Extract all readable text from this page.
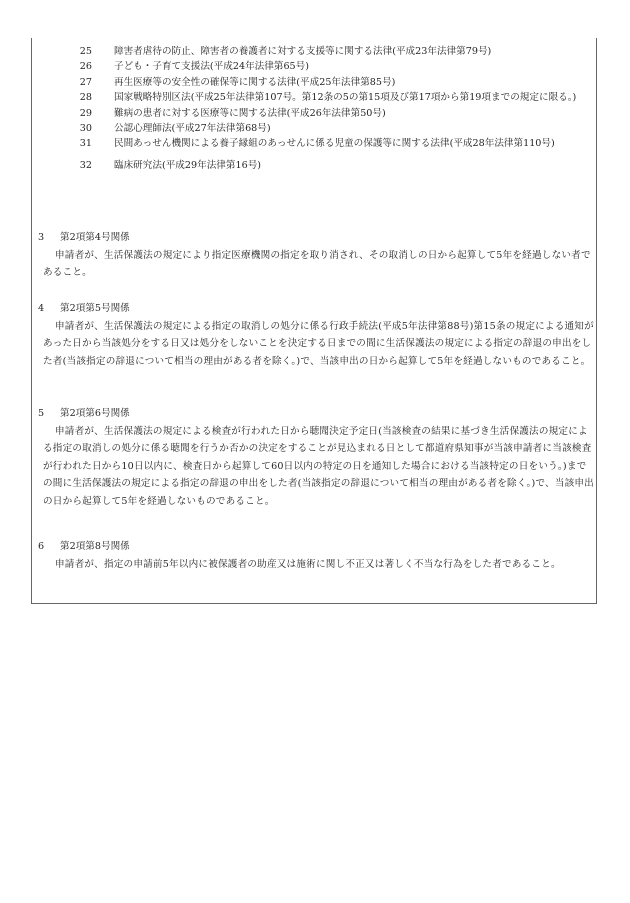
25 障害者虐待の防止、障害者の養護者に対する支援等に関する法律(平成23年法律第79号)
26 子ども・子育て支援法(平成24年法律第65号)
27 再生医療等の安全性の確保等に関する法律(平成25年法律第85号)
28 国家戦略特別区法(平成25年法律第107号。第12条の5の第15項及び第17項から第19項までの規定に限る。)
29 難病の患者に対する医療等に関する法律(平成26年法律第50号)
30 公認心理師法(平成27年法律第68号)
31 民間あっせん機関による養子縁組のあっせんに係る児童の保護等に関する法律(平成28年法律第110号)
32 臨床研究法(平成29年法律第16号)
3 第2項第4号関係
申請者が、生活保護法の規定により指定医療機関の指定を取り消され、その取消しの日から起算して5年を経過しない者であること。
4 第2項第5号関係
申請者が、生活保護法の規定による指定の取消しの処分に係る行政手続法(平成5年法律第88号)第15条の規定による通知があった日から当該処分をする日又は処分をしないことを決定する日までの間に生活保護法の規定による指定の辞退の申出をした者(当該指定の辞退について相当の理由がある者を除く。)で、当該申出の日から起算して5年を経過しないものであること。
5 第2項第6号関係
申請者が、生活保護法の規定による検査が行われた日から聴聞決定予定日(当該検査の結果に基づき生活保護法の規定による指定の取消しの処分に係る聴聞を行うか否かの決定をすることが見込まれる日として都道府県知事が当該申請者に当該検査が行われた日から10日以内に、検査日から起算して60日以内の特定の日を通知した場合における当該特定の日をいう。)までの間に生活保護法の規定による指定の辞退の申出をした者(当該指定の辞退について相当の理由がある者を除く。)で、当該申出の日から起算して5年を経過しないものであること。
6 第2項第8号関係
申請者が、指定の申請前5年以内に被保護者の助産又は施術に関し不正又は著しく不当な行為をした者であること。
